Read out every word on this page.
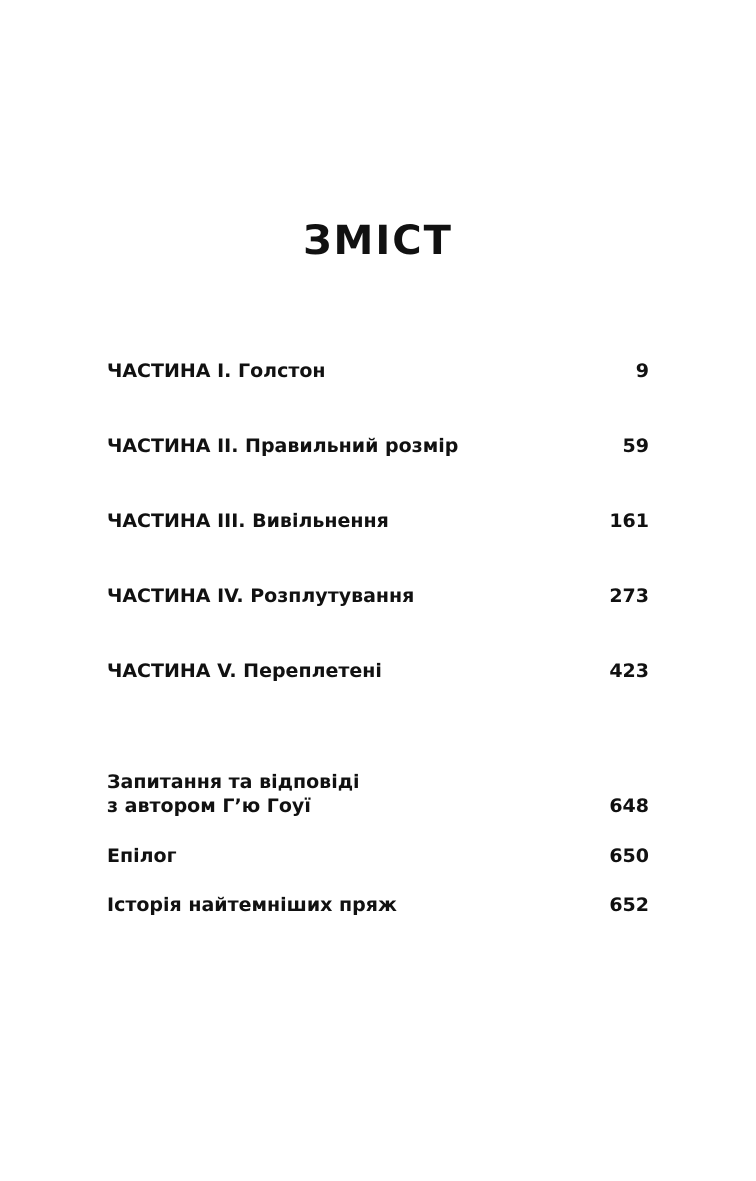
ЗМІСТ
ЧАСТИНА I. Голстон	9
ЧАСТИНА II. Правильний розмір	59
ЧАСТИНА III. Вивільнення	161
ЧАСТИНА IV. Розплутування	273
ЧАСТИНА V. Переплетені	423
Запитання та відповіді
з автором Г’ю Гоуї	648
Епілог	650
Історія найтемніших пряж	652
